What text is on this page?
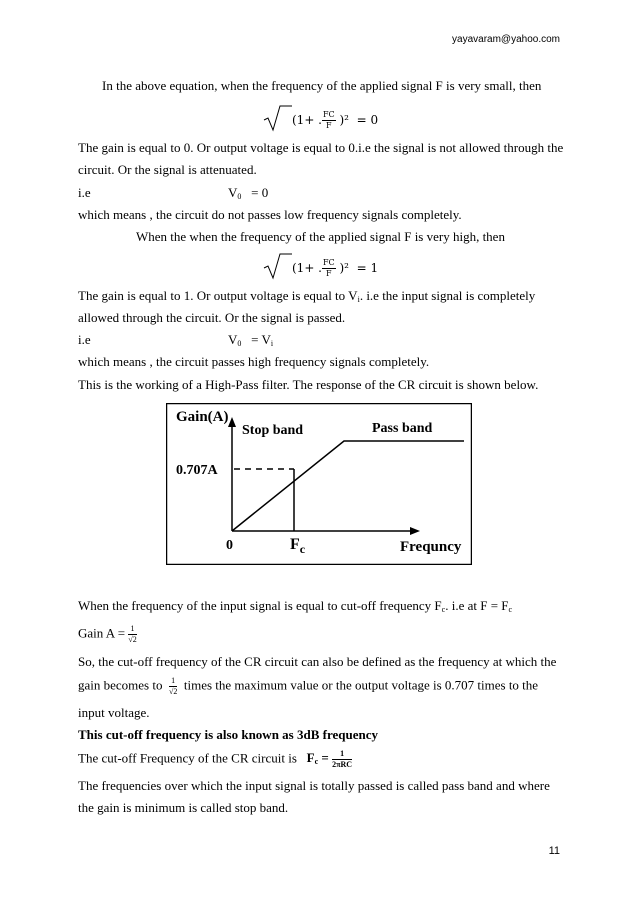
yayavaram@yahoo.com
In the above equation, when the frequency of the applied signal F is very small, then
(1+ . $\frac{FC}{F} )^2 = 0$
The gain is equal to 0. Or output voltage is equal to 0.i.e the signal is not allowed through the
circuit. Or the signal is attenuated.
i.e	$V_0 = 0$
which means , the circuit do not passes low frequency signals completely.
When the when the frequency of the applied signal F is very high, then
(1+ . $\frac{FC}{F} )^2 = 1$
The gain is equal to 1. Or output voltage is equal to $V_i$. i.e the input signal is completely
allowed through the circuit. Or the signal is passed.
i.e	$V_0 = V_i$
which means , the circuit passes high frequency signals completely.
This is the working of a High-Pass filter. The response of the CR circuit is shown below.
Gain(A)
Stop band	Pass band
0.707A
0	$F_c$	Frequncy
When the frequency of the input signal is equal to cut-off frequency $F_c$. i.e at $F = F_c$
Gain $A = \frac{1}{√2}$
So, the cut-off frequency of the CR circuit can also be defined as the frequency at which the
gain becomes to $\frac{1}{√2}$ times the maximum value or the output voltage is 0.707 times to the
input voltage.
This cut-off frequency is also known as 3dB frequency
The cut-off Frequency of the CR circuit is $F_c = \frac{1}{\text{2πRC}}$
The frequencies over which the input signal is totally passed is called pass band and where
the gain is minimum is called stop band.
11
